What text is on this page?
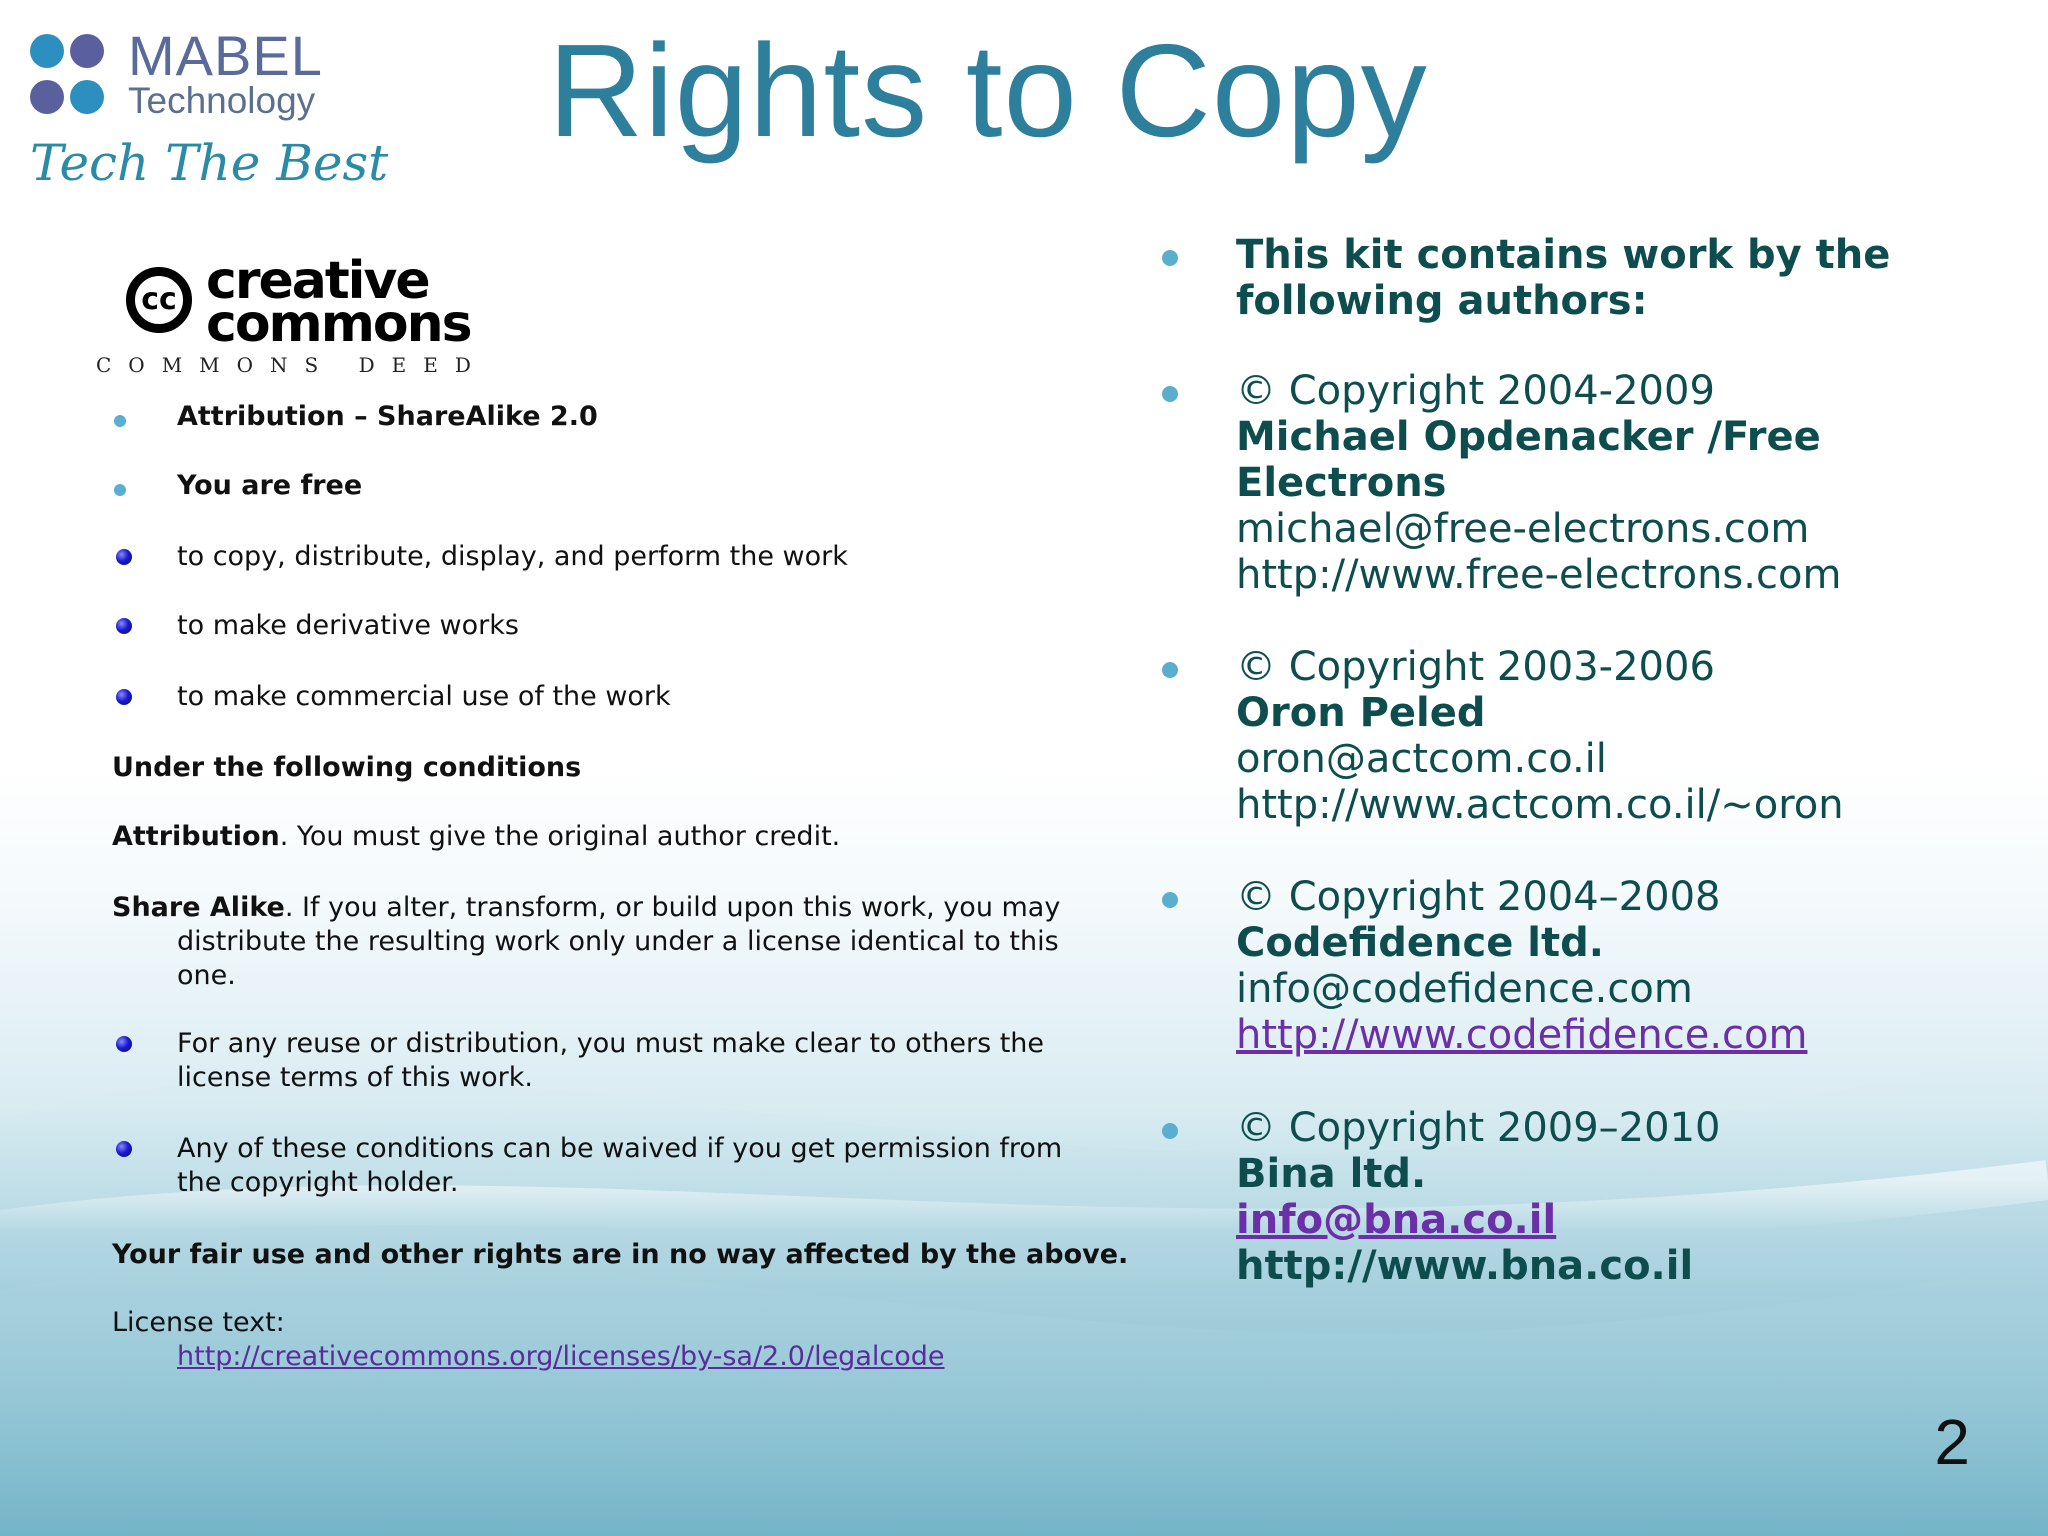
MABEL
Technology
Tech The Best Rights to Copy
cc creative
commons
COMMONS DEED
Attribution – ShareAlike 2.0
You are free
to copy, distribute, display, and perform the work
to make derivative works
to make commercial use of the work
Under the following conditions
Attribution. You must give the original author credit.
Share Alike. If you alter, transform, or build upon this work, you may
distribute the resulting work only under a license identical to this
one.
For any reuse or distribution, you must make clear to others the
license terms of this work.
Any of these conditions can be waived if you get permission from
the copyright holder.
Your fair use and other rights are in no way affected by the above.
License text:
http://creativecommons.org/licenses/by-sa/2.0/legalcode
This kit contains work by the
following authors:
© Copyright 2004-2009
Michael Opdenacker /Free
Electrons
michael@free-electrons.com
http://www.free-electrons.com
© Copyright 2003-2006
Oron Peled
oron@actcom.co.il
http://www.actcom.co.il/~oron
© Copyright 2004–2008
Codefidence ltd.
info@codefidence.com
http://www.codefidence.com
© Copyright 2009–2010
Bina ltd.
info@bna.co.il
http://www.bna.co.il
2
